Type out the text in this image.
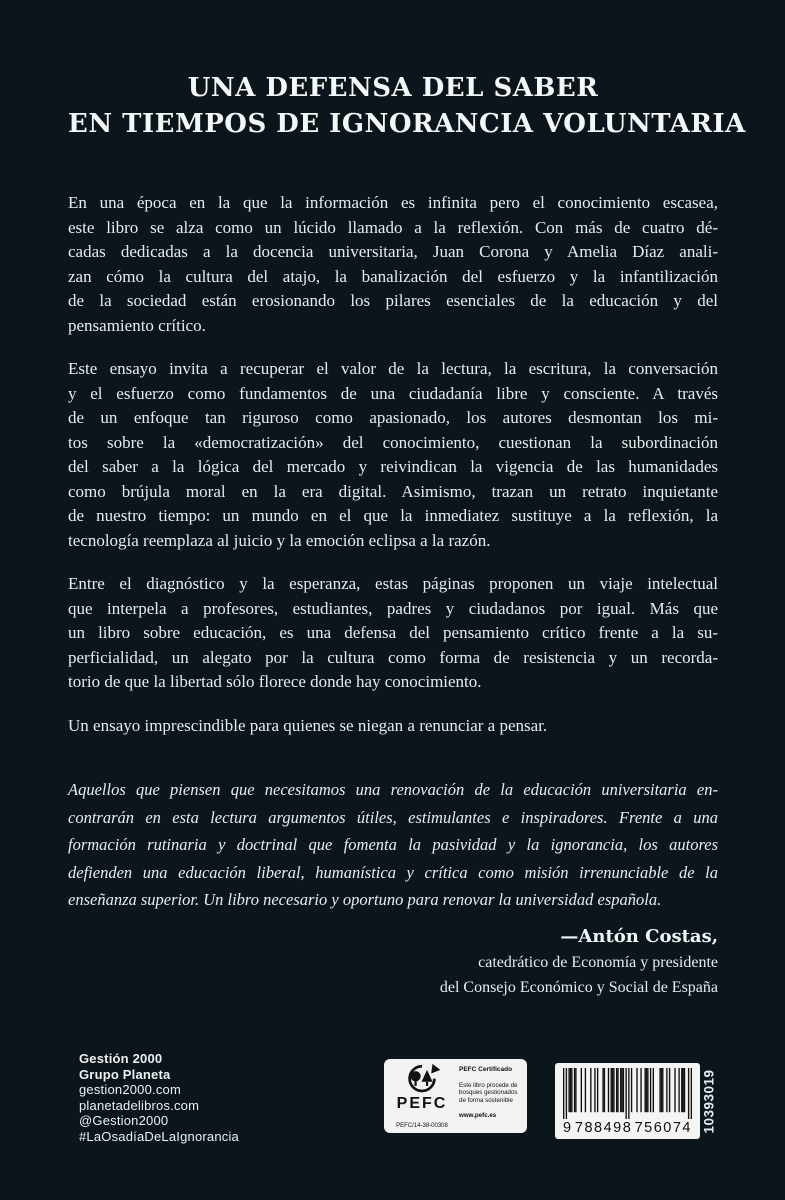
UNA DEFENSA DEL SABER
EN TIEMPOS DE IGNORANCIA VOLUNTARIA
En una época en la que la información es infinita pero el conocimiento escasea,
este libro se alza como un lúcido llamado a la reflexión. Con más de cuatro dé-
cadas dedicadas a la docencia universitaria, Juan Corona y Amelia Díaz anali-
zan cómo la cultura del atajo, la banalización del esfuerzo y la infantilización
de la sociedad están erosionando los pilares esenciales de la educación y del
pensamiento crítico.
Este ensayo invita a recuperar el valor de la lectura, la escritura, la conversación
y el esfuerzo como fundamentos de una ciudadanía libre y consciente. A través
de un enfoque tan riguroso como apasionado, los autores desmontan los mi-
tos sobre la «democratización» del conocimiento, cuestionan la subordinación
del saber a la lógica del mercado y reivindican la vigencia de las humanidades
como brújula moral en la era digital. Asimismo, trazan un retrato inquietante
de nuestro tiempo: un mundo en el que la inmediatez sustituye a la reflexión, la
tecnología reemplaza al juicio y la emoción eclipsa a la razón.
Entre el diagnóstico y la esperanza, estas páginas proponen un viaje intelectual
que interpela a profesores, estudiantes, padres y ciudadanos por igual. Más que
un libro sobre educación, es una defensa del pensamiento crítico frente a la su-
perficialidad, un alegato por la cultura como forma de resistencia y un recorda-
torio de que la libertad sólo florece donde hay conocimiento.
Un ensayo imprescindible para quienes se niegan a renunciar a pensar.
Aquellos que piensen que necesitamos una renovación de la educación universitaria en-
contrarán en esta lectura argumentos útiles, estimulantes e inspiradores. Frente a una
formación rutinaria y doctrinal que fomenta la pasividad y la ignorancia, los autores
defienden una educación liberal, humanística y crítica como misión irrenunciable de la
enseñanza superior. Un libro necesario y oportuno para renovar la universidad española.
—Antón Costas,
catedrático de Economía y presidente
del Consejo Económico y Social de España
Gestión 2000
Grupo Planeta
gestion2000.com
planetadelibros.com
@Gestion2000
#LaOsadíaDeLaIgnorancia
PEFC
PEFC Certificado
Este libro procede de bosques gestionados de forma sostenible
www.pefc.es
PEFC/14-38-00308	9 788498 756074 10393019
